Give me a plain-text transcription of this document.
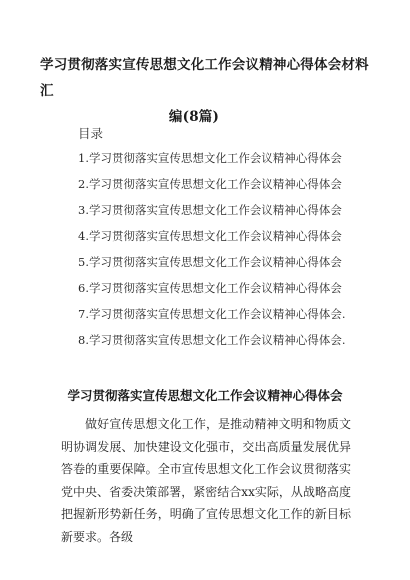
学习贯彻落实宣传思想文化工作会议精神心得体会材料汇
编(8篇)
目录
1.学习贯彻落实宣传思想文化工作会议精神心得体会
2.学习贯彻落实宣传思想文化工作会议精神心得体会
3.学习贯彻落实宣传思想文化工作会议精神心得体会
4.学习贯彻落实宣传思想文化工作会议精神心得体会
5.学习贯彻落实宣传思想文化工作会议精神心得体会
6.学习贯彻落实宣传思想文化工作会议精神心得体会
7.学习贯彻落实宣传思想文化工作会议精神心得体会.
8.学习贯彻落实宣传思想文化工作会议精神心得体会.
学习贯彻落实宣传思想文化工作会议精神心得体会

做好宣传思想文化工作，是推动精神文明和物质文明协调发展、加快建设文化强市，交出高质量发展优异答卷的重要保障。全市宣传思想文化工作会议贯彻落实党中央、省委决策部署，紧密结合xx实际，从战略高度把握新形势新任务，明确了宣传思想文化工作的新目标新要求。各级
